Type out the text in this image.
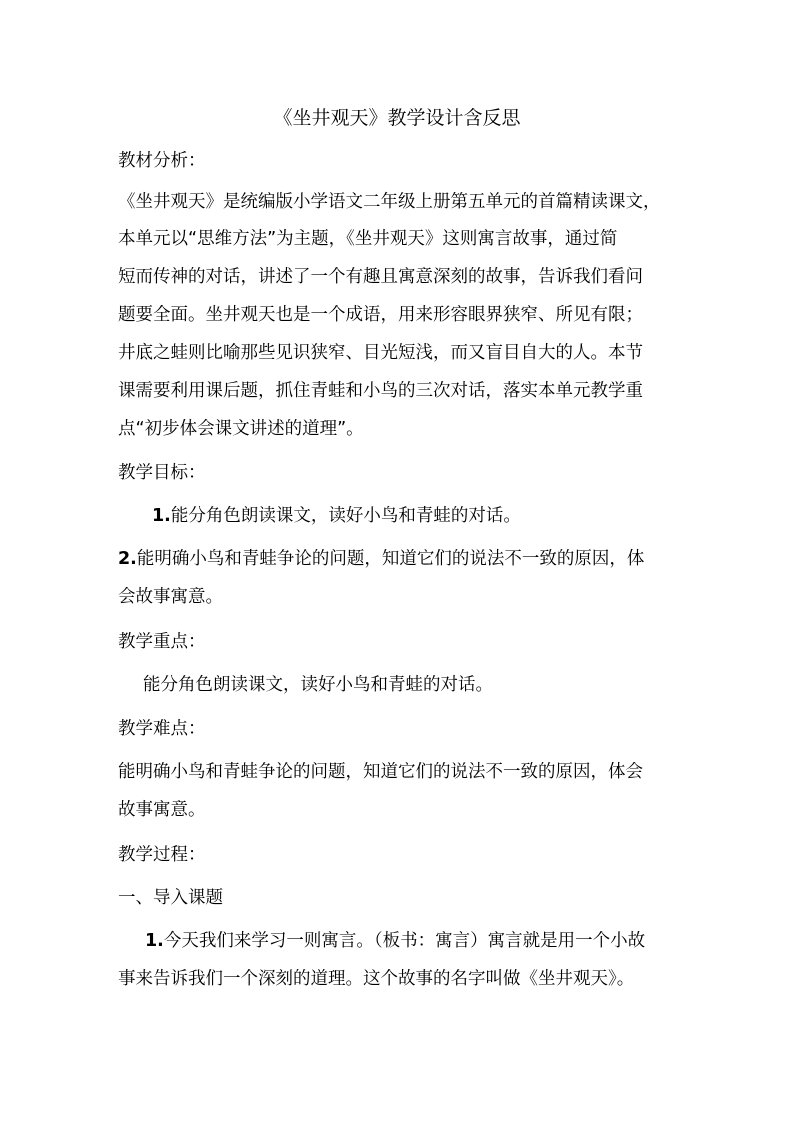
《坐井观天》教学设计含反思
教材分析：
《坐井观天》是统编版小学语文二年级上册第五单元的首篇精读课文，
本单元以“思维方法”为主题，《坐井观天》这则寓言故事，通过简
短而传神的对话，讲述了一个有趣且寓意深刻的故事，告诉我们看问
题要全面。坐井观天也是一个成语，用来形容眼界狭窄、所见有限；
井底之蛙则比喻那些见识狭窄、目光短浅，而又盲目自大的人。本节
课需要利用课后题，抓住青蛙和小鸟的三次对话，落实本单元教学重
点“初步体会课文讲述的道理”。
教学目标：
1.能分角色朗读课文，读好小鸟和青蛙的对话。
2.能明确小鸟和青蛙争论的问题，知道它们的说法不一致的原因，体
会故事寓意。
教学重点：
能分角色朗读课文，读好小鸟和青蛙的对话。
教学难点：
能明确小鸟和青蛙争论的问题，知道它们的说法不一致的原因，体会
故事寓意。
教学过程：
一、导入课题
1.今天我们来学习一则寓言。（板书：寓言）寓言就是用一个小故
事来告诉我们一个深刻的道理。这个故事的名字叫做《坐井观天》。
